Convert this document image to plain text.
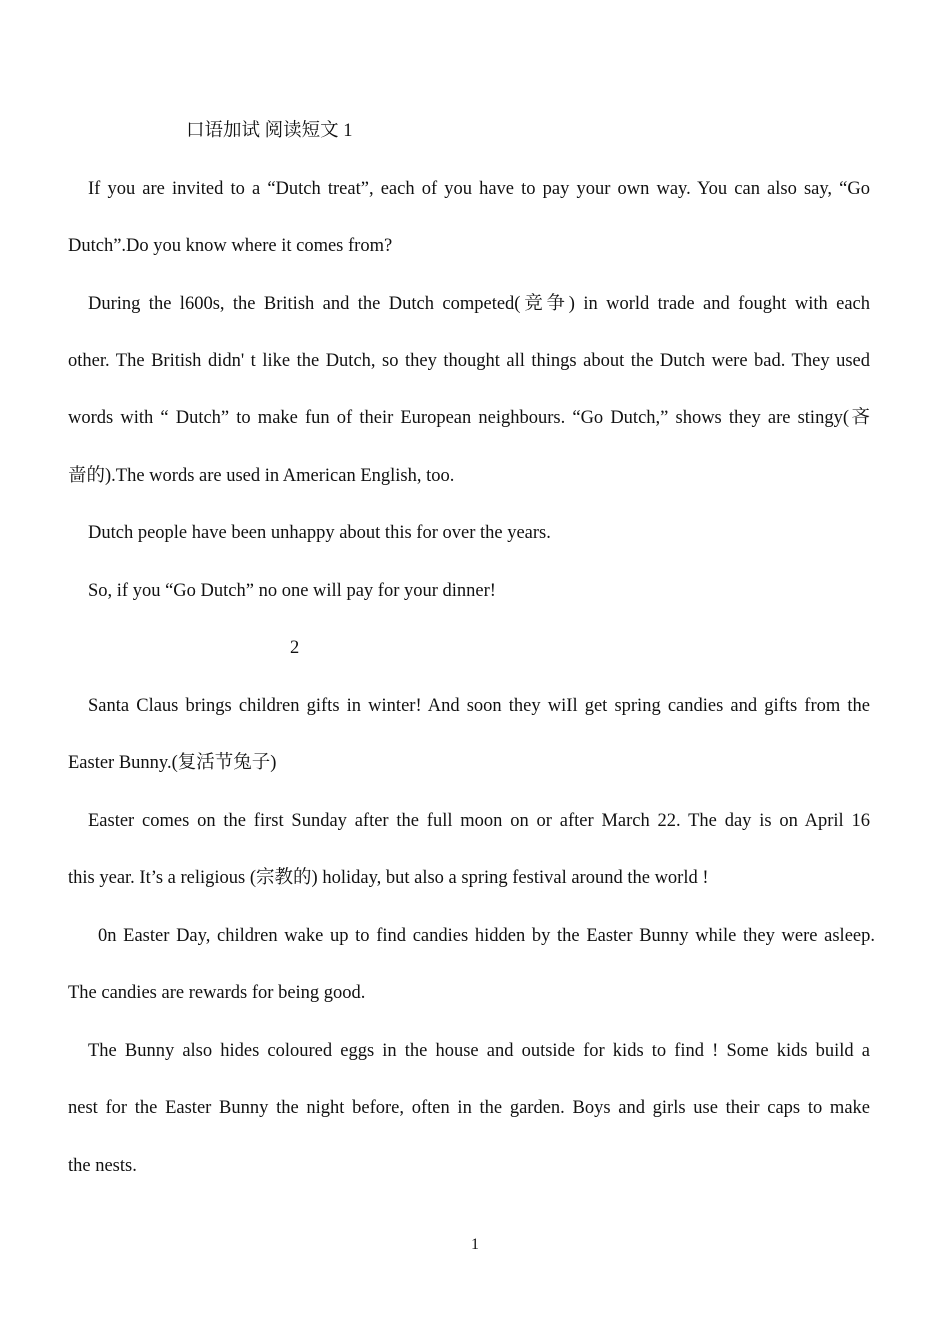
口语加试 阅读短文 1
If you are invited to a “Dutch treat”, each of you have to pay your own way. You can also say, “Go
Dutch”.Do you know where it comes from?
During the l600s, the British and the Dutch competed(竞争) in world trade and fought with each
other. The British didn' t like the Dutch, so they thought all things about the Dutch were bad. They used
words with “ Dutch” to make fun of their European neighbours. “Go Dutch,” shows they are stingy(吝
啬的).The words are used in American English, too.
Dutch people have been unhappy about this for over the years.
So, if you “Go Dutch” no one will pay for your dinner!
2
Santa Claus brings children gifts in winter! And soon they wiIl get spring candies and gifts from the
Easter Bunny.(复活节兔子)
Easter comes on the first Sunday after the full moon on or after March 22. The day is on April 16
this year. It’s a religious (宗教的) holiday, but also a spring festival around the world !
0n Easter Day, children wake up to find candies hidden by the Easter Bunny while they were asleep.
The candies are rewards for being good.
The Bunny also hides coloured eggs in the house and outside for kids to find ! Some kids build a
nest for the Easter Bunny the night before, often in the garden. Boys and girls use their caps to make
the nests.
1
